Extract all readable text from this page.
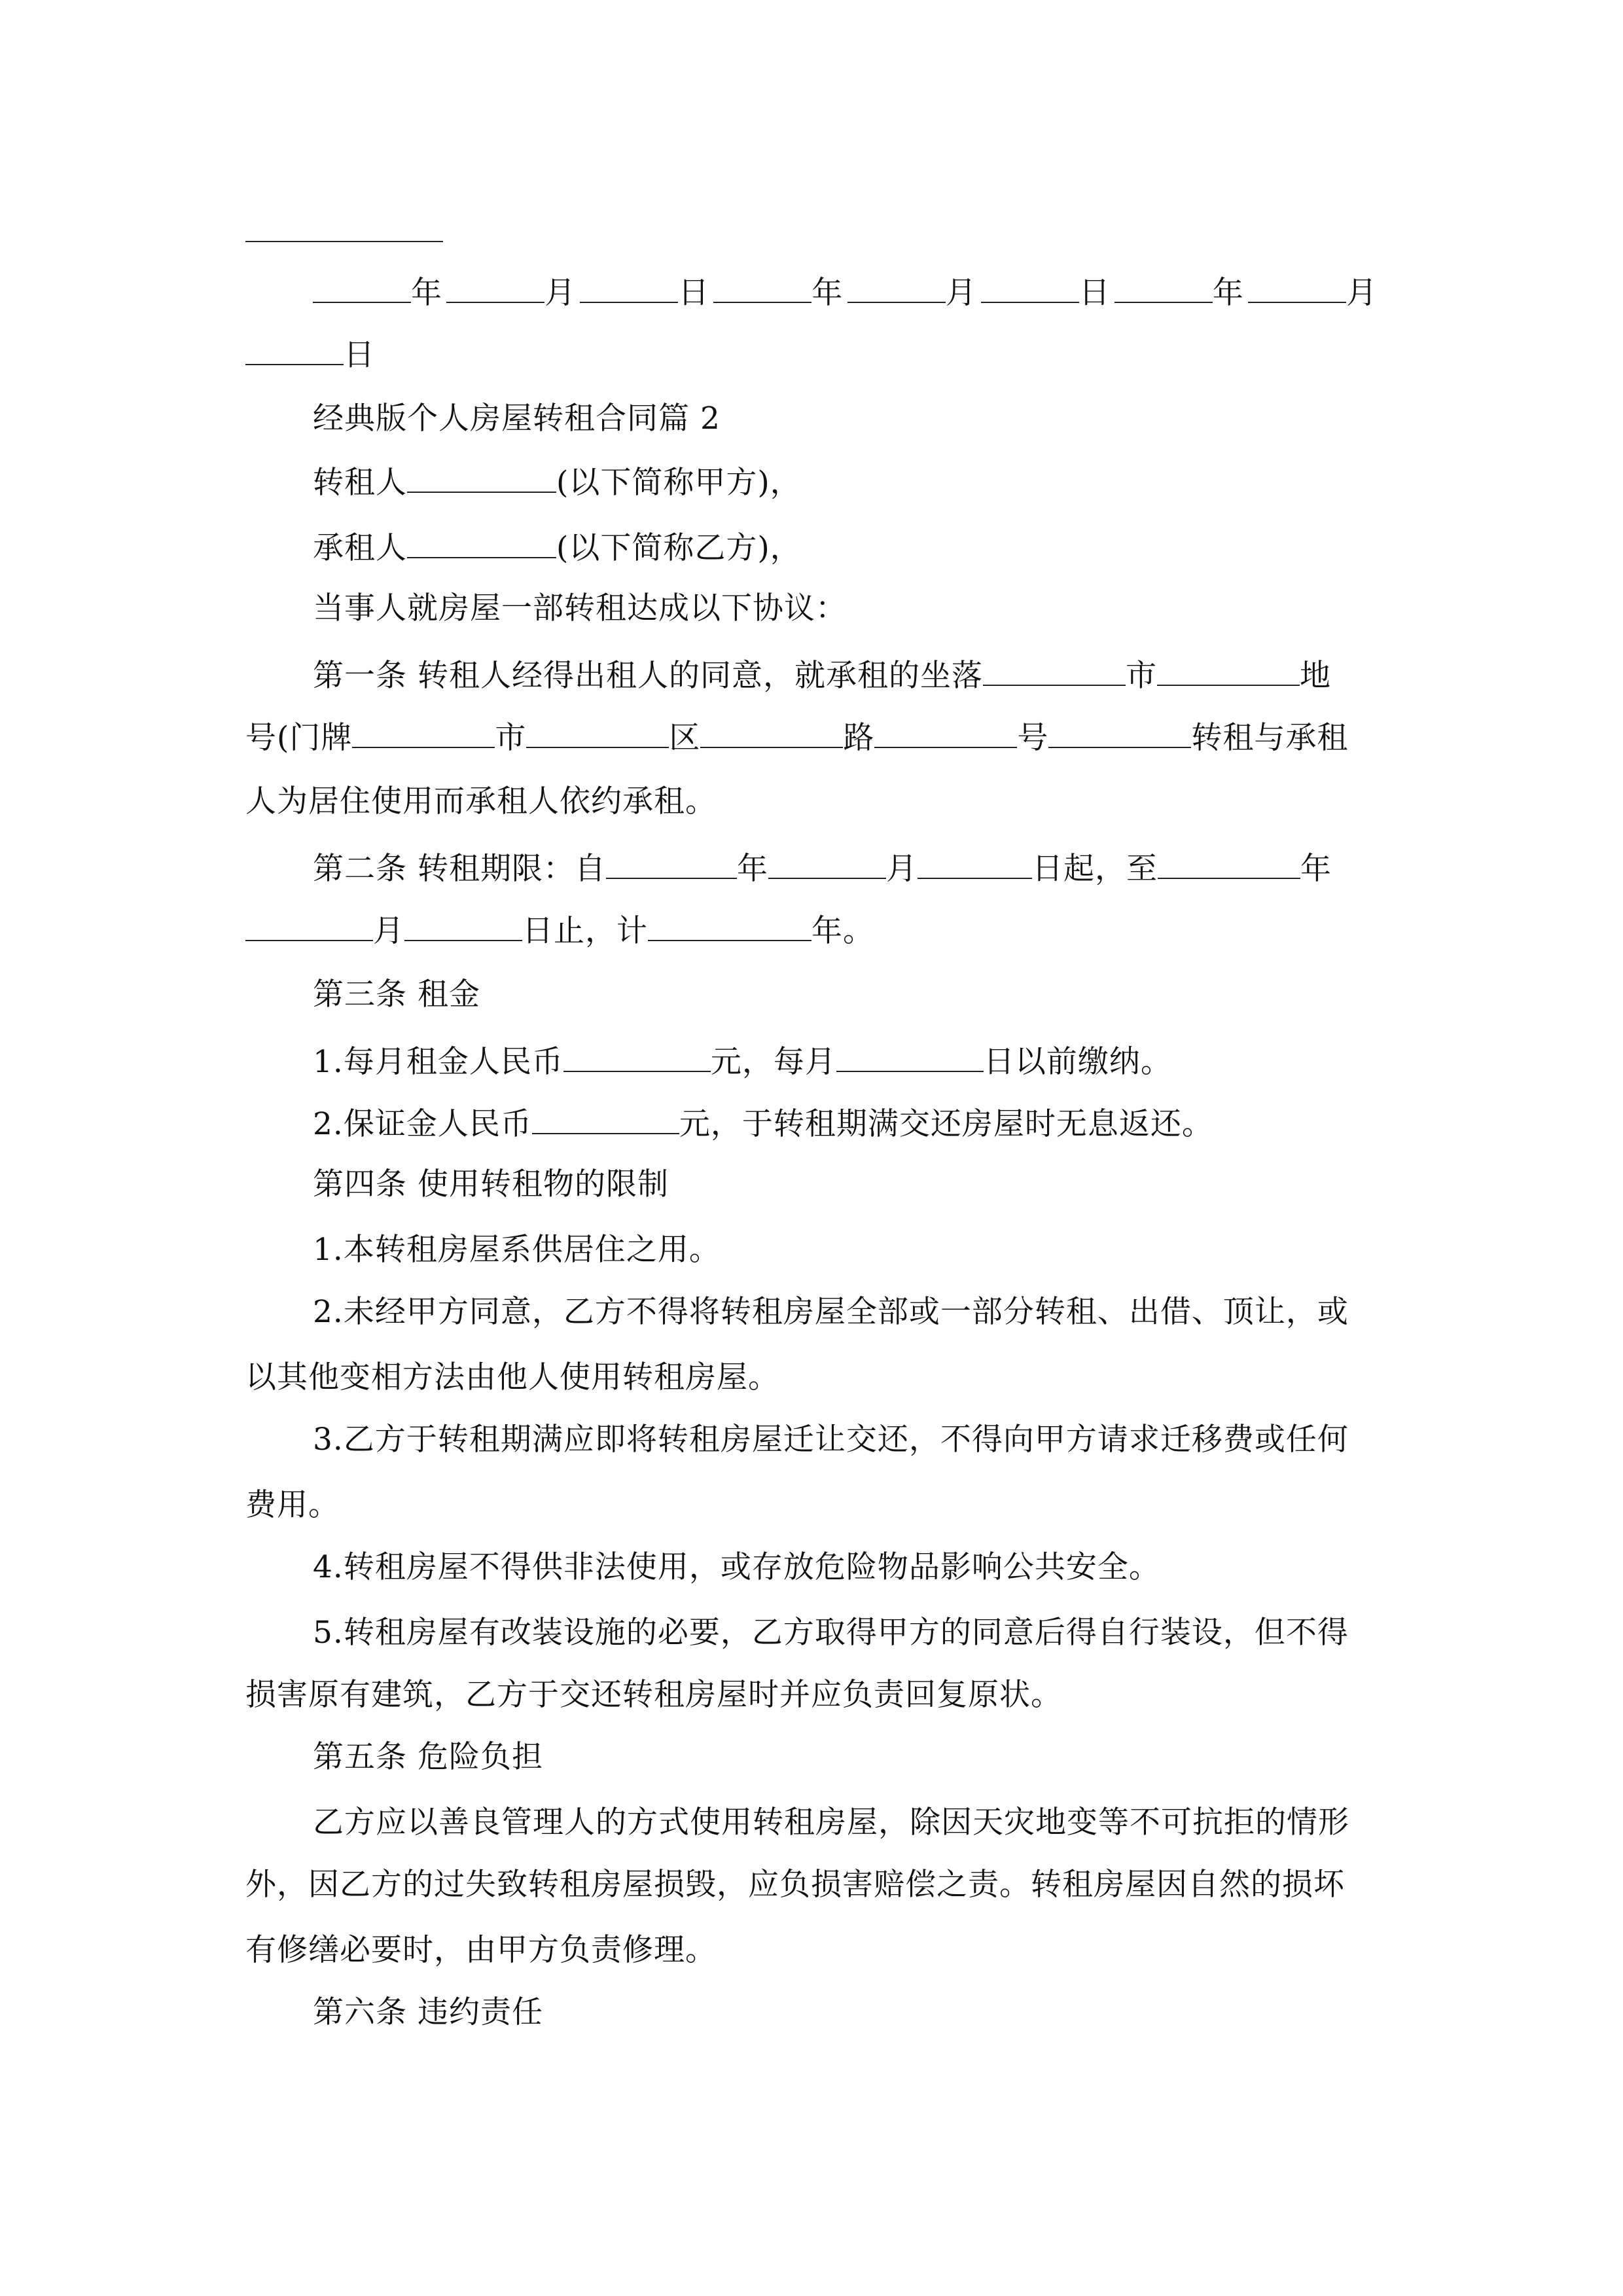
年	月	日	年	月	日	年	月
日
经典版个人房屋转租合同篇 2
转租人	(以下简称甲方)，
承租人	(以下简称乙方)，
当事人就房屋一部转租达成以下协议：
第一条 转租人经得出租人的同意，就承租的坐落	市	地
号(门牌	市	区	路	号	转租与承租
人为居住使用而承租人依约承租。
第二条 转租期限：自	年	月	日起，至	年
月	日止，计	年。
第三条 租金
1.每月租金人民币	元，每月	日以前缴纳。
2.保证金人民币	元，于转租期满交还房屋时无息返还。
第四条 使用转租物的限制
1.本转租房屋系供居住之用。
2.未经甲方同意，乙方不得将转租房屋全部或一部分转租、出借、顶让，或
以其他变相方法由他人使用转租房屋。
3.乙方于转租期满应即将转租房屋迁让交还，不得向甲方请求迁移费或任何
费用。
4.转租房屋不得供非法使用，或存放危险物品影响公共安全。
5.转租房屋有改装设施的必要，乙方取得甲方的同意后得自行装设，但不得
损害原有建筑，乙方于交还转租房屋时并应负责回复原状。
第五条 危险负担
乙方应以善良管理人的方式使用转租房屋，除因天灾地变等不可抗拒的情形
外，因乙方的过失致转租房屋损毁，应负损害赔偿之责。转租房屋因自然的损坏
有修缮必要时，由甲方负责修理。
第六条 违约责任
